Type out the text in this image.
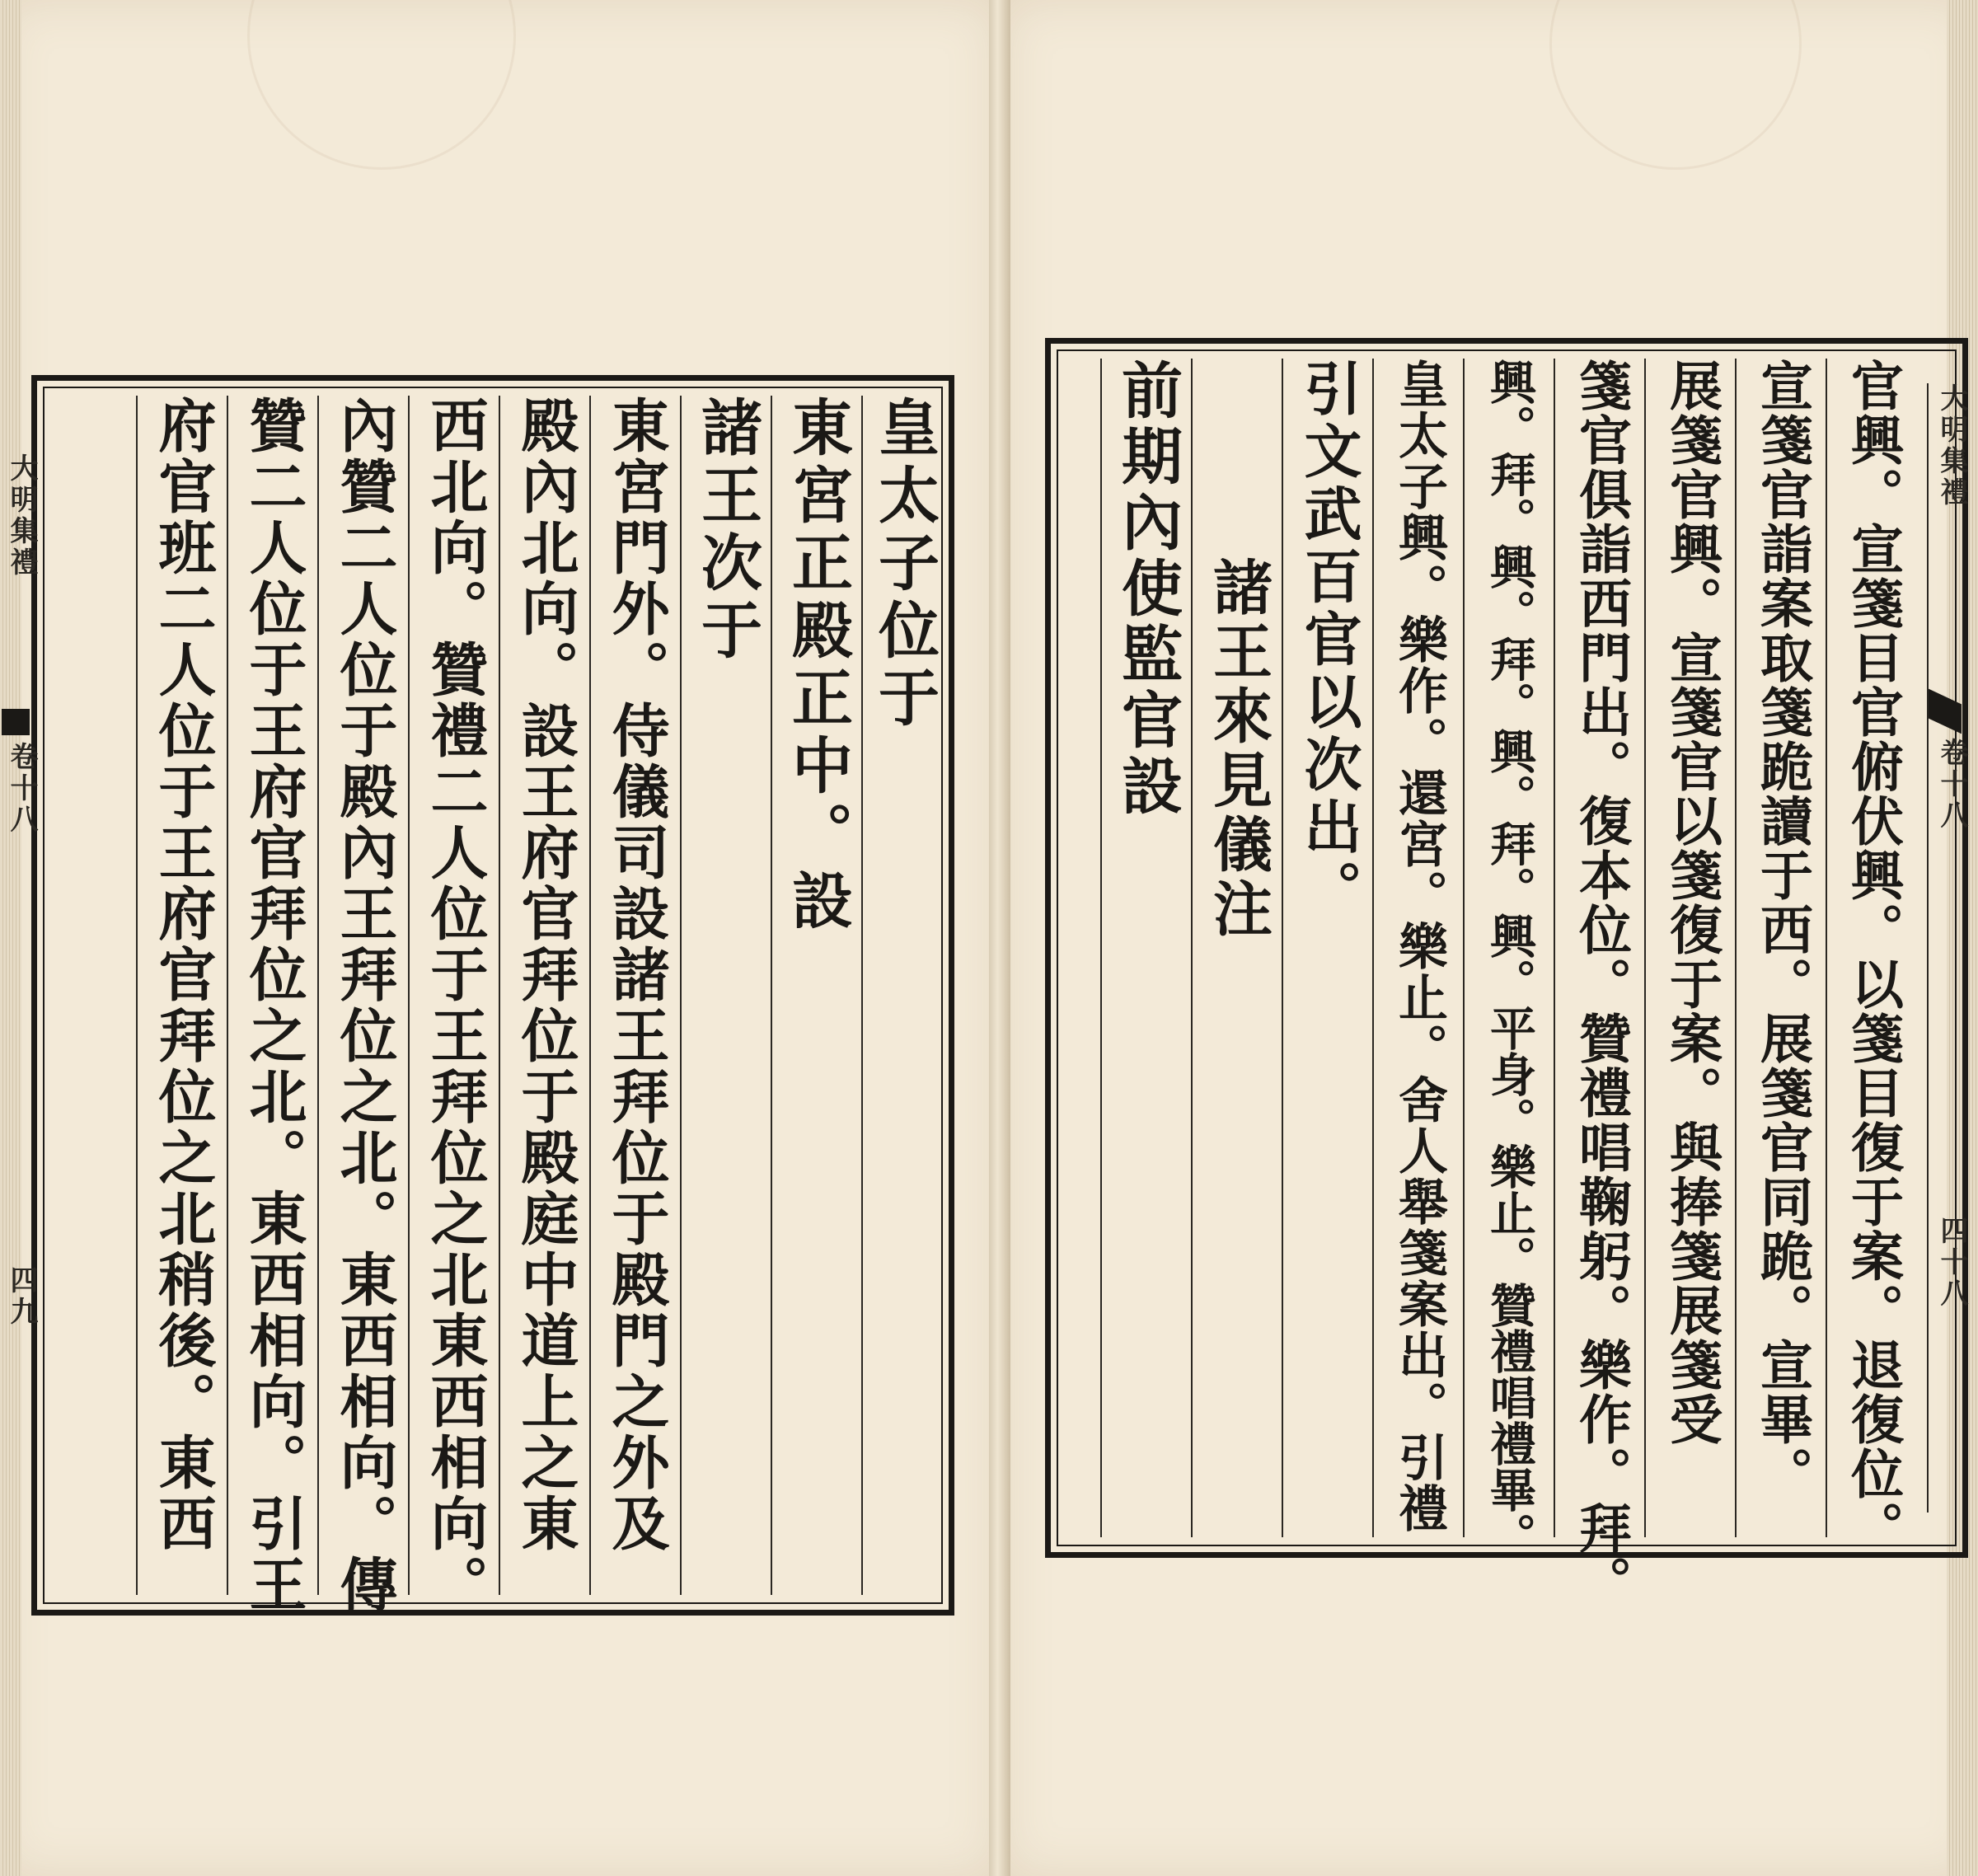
皇太子位于
東宮正殿正中。設
諸王次于
東宮門外。侍儀司設諸王拜位于殿門之外及
殿內北向。設王府官拜位于殿庭中道上之東
西北向。贊禮二人位于王拜位之北東西相向。
內贊二人位于殿內王拜位之北。東西相向。傳
贊二人位于王府官拜位之北。東西相向。引王
府官班二人位于王府官拜位之北稍後。東西
大明集禮
卷十八
四九	官興。宣箋目官俯伏興。以箋目復于案。退復位。
宣箋官詣案取箋跪讀于西。展箋官同跪。宣畢。
展箋官興。宣箋官以箋復于案。與捧箋展箋受
箋官俱詣西門出。復本位。贊禮唱鞠躬。樂作。拜。
興。拜。興。拜。興。拜。興。平身。樂止。贊禮唱禮畢。
皇太子興。樂作。還宮。樂止。舍人舉箋案出。引禮
引文武百官以次出。
諸王來見儀注
前期內使監官設	大明集禮
卷十八
四十八
